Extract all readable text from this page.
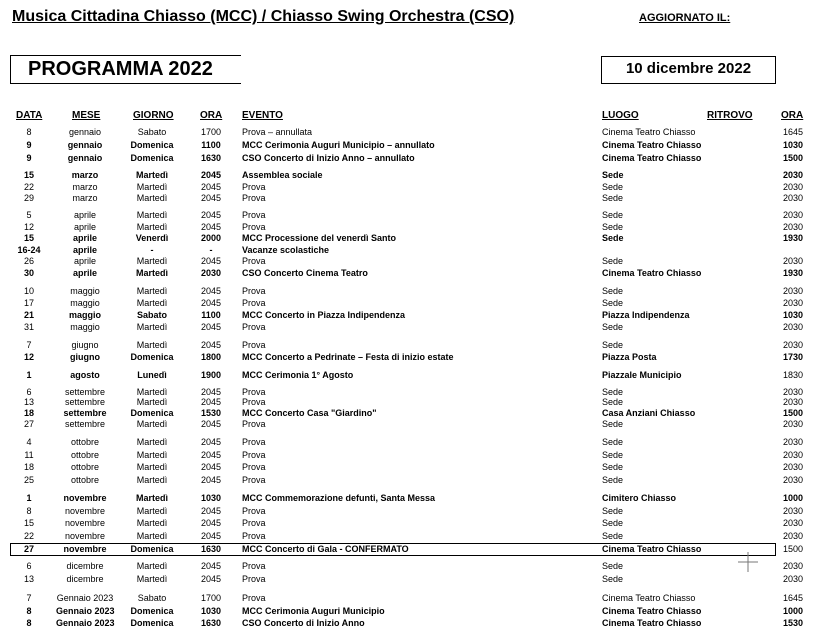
Musica Cittadina Chiasso (MCC) / Chiasso Swing Orchestra (CSO)	AGGIORNATO IL:
PROGRAMMA 2022	10 dicembre 2022
DATA	MESE	GIORNO	ORA EVENTO	LUOGO	RITROVO	ORA
8	gennaio	Sabato	1700	Prova – annullata	Cinema Teatro Chiasso	1645
9	gennaio	Domenica	1100	MCC Cerimonia Auguri Municipio – annullato	Cinema Teatro Chiasso	1030
9	gennaio	Domenica	1630	CSO Concerto di Inizio Anno – annullato	Cinema Teatro Chiasso	1500
15	marzo	Martedì	2045	Assemblea sociale	Sede	2030
22	marzo	Martedì	2045	Prova	Sede	2030
29	marzo	Martedì	2045	Prova	Sede	2030
5	aprile	Martedì	2045	Prova	Sede	2030
12	aprile	Martedì	2045	Prova	Sede	2030
15	aprile	Venerdì	2000	MCC Processione del venerdì Santo	Sede	1930
16-24	aprile	-	-	Vacanze scolastiche
26	aprile	Martedì	2045	Prova	Sede	2030
30	aprile	Martedì	2030	CSO Concerto Cinema Teatro	Cinema Teatro Chiasso	1930
10	maggio	Martedì	2045	Prova	Sede	2030
17	maggio	Martedì	2045	Prova	Sede	2030
21	maggio	Sabato	1100	MCC Concerto in Piazza Indipendenza	Piazza Indipendenza	1030
31	maggio	Martedì	2045	Prova	Sede	2030
7	giugno	Martedì	2045	Prova	Sede	2030
12	giugno	Domenica	1800	MCC Concerto a Pedrinate – Festa di inizio estate	Piazza Posta	1730
1	agosto	Lunedì	1900	MCC Cerimonia 1° Agosto	Piazzale Municipio	1830
6	settembre	Martedì	2045	Prova	Sede	2030
13	settembre	Martedì	2045	Prova	Sede	2030
18	settembre	Domenica	1530	MCC Concerto Casa "Giardino"	Casa Anziani Chiasso	1500
27	settembre	Martedì	2045	Prova	Sede	2030
4	ottobre	Martedì	2045	Prova	Sede	2030
11	ottobre	Martedì	2045	Prova	Sede	2030
18	ottobre	Martedì	2045	Prova	Sede	2030
25	ottobre	Martedì	2045	Prova	Sede	2030
1	novembre	Martedì	1030	MCC Commemorazione defunti, Santa Messa	Cimitero Chiasso	1000
8	novembre	Martedì	2045	Prova	Sede	2030
15	novembre	Martedì	2045	Prova	Sede	2030
22	novembre	Martedì	2045	Prova	Sede	2030
27	novembre	Domenica	1630	MCC Concerto di Gala - CONFERMATO	Cinema Teatro Chiasso	1500
6	dicembre	Martedì	2045	Prova	Sede	2030
13	dicembre	Martedì	2045	Prova	Sede	2030
7	Gennaio 2023	Sabato	1700	Prova	Cinema Teatro Chiasso	1645
8	Gennaio 2023	Domenica	1030	MCC Cerimonia Auguri Municipio	Cinema Teatro Chiasso	1000
8	Gennaio 2023	Domenica	1630	CSO Concerto di Inizio Anno	Cinema Teatro Chiasso	1530
